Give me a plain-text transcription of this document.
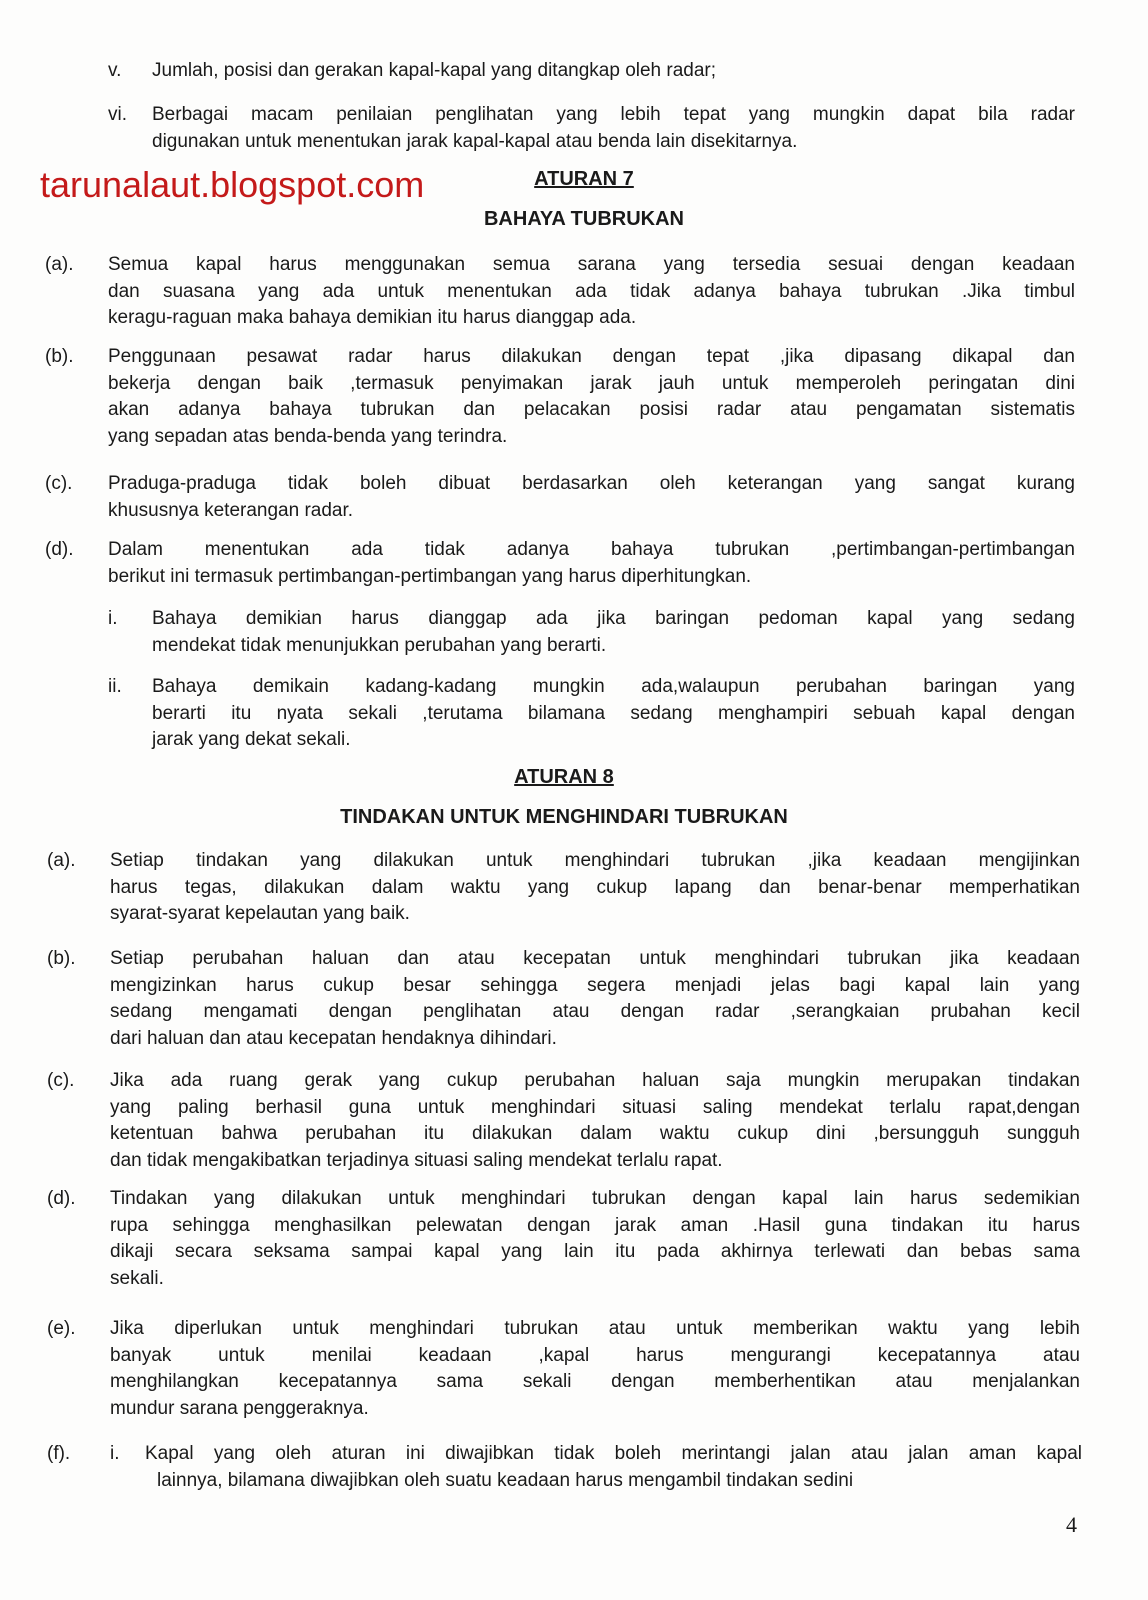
tarunalaut.blogspot.com	ATURAN 7
BAHAYA TUBRUKAN
ATURAN 8
TINDAKAN UNTUK MENGHINDARI TUBRUKAN
4
v. Jumlah, posisi dan gerakan kapal-kapal yang ditangkap oleh radar;
vi. Berbagai macam penilaian penglihatan yang lebih tepat yang mungkin dapat bila radar
digunakan untuk menentukan jarak kapal-kapal atau benda lain disekitarnya.
(a). Semua kapal harus menggunakan semua sarana yang tersedia sesuai dengan keadaan
dan suasana yang ada untuk menentukan ada tidak adanya bahaya tubrukan .Jika timbul
keragu-raguan maka bahaya demikian itu harus dianggap ada.
(b). Penggunaan pesawat radar harus dilakukan dengan tepat ,jika dipasang dikapal dan
bekerja dengan baik ,termasuk penyimakan jarak jauh untuk memperoleh peringatan dini
akan adanya bahaya tubrukan dan pelacakan posisi radar atau pengamatan sistematis
yang sepadan atas benda-benda yang terindra.
(c). Praduga-praduga tidak boleh dibuat berdasarkan oleh keterangan yang sangat kurang
khususnya keterangan radar.
(d). Dalam menentukan ada tidak adanya bahaya tubrukan ,pertimbangan-pertimbangan
berikut ini termasuk pertimbangan-pertimbangan yang harus diperhitungkan.
i. Bahaya demikian harus dianggap ada jika baringan pedoman kapal yang sedang
mendekat tidak menunjukkan perubahan yang berarti.
ii. Bahaya demikain kadang-kadang mungkin ada,walaupun perubahan baringan yang
berarti itu nyata sekali ,terutama bilamana sedang menghampiri sebuah kapal dengan
jarak yang dekat sekali.
(a). Setiap tindakan yang dilakukan untuk menghindari tubrukan ,jika keadaan mengijinkan
harus tegas, dilakukan dalam waktu yang cukup lapang dan benar-benar memperhatikan
syarat-syarat kepelautan yang baik.
(b). Setiap perubahan haluan dan atau kecepatan untuk menghindari tubrukan jika keadaan
mengizinkan harus cukup besar sehingga segera menjadi jelas bagi kapal lain yang
sedang mengamati dengan penglihatan atau dengan radar ,serangkaian prubahan kecil
dari haluan dan atau kecepatan hendaknya dihindari.
(c). Jika ada ruang gerak yang cukup perubahan haluan saja mungkin merupakan tindakan
yang paling berhasil guna untuk menghindari situasi saling mendekat terlalu rapat,dengan
ketentuan bahwa perubahan itu dilakukan dalam waktu cukup dini ,bersungguh sungguh
dan tidak mengakibatkan terjadinya situasi saling mendekat terlalu rapat.
(d). Tindakan yang dilakukan untuk menghindari tubrukan dengan kapal lain harus sedemikian
rupa sehingga menghasilkan pelewatan dengan jarak aman .Hasil guna tindakan itu harus
dikaji secara seksama sampai kapal yang lain itu pada akhirnya terlewati dan bebas sama
sekali.
(e). Jika diperlukan untuk menghindari tubrukan atau untuk memberikan waktu yang lebih
banyak untuk menilai keadaan ,kapal harus mengurangi kecepatannya atau
menghilangkan kecepatannya sama sekali dengan memberhentikan atau menjalankan
mundur sarana penggeraknya.
(f). i. Kapal yang oleh aturan ini diwajibkan tidak boleh merintangi jalan atau jalan aman kapal
lainnya, bilamana diwajibkan oleh suatu keadaan harus mengambil tindakan sedini
